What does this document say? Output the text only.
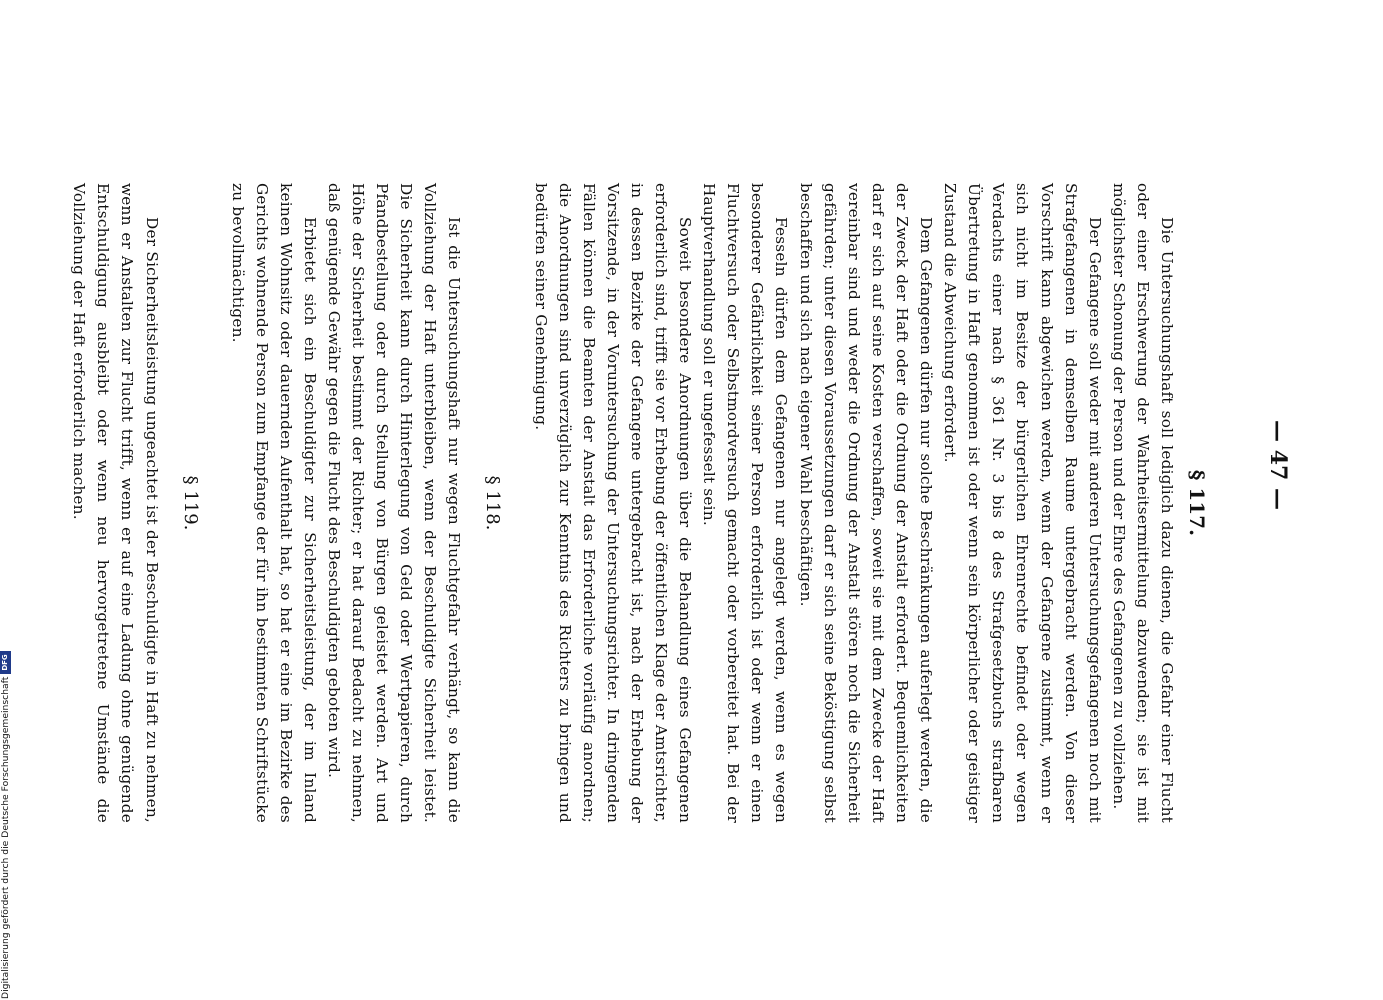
— 47 —
§ 117.

Die Untersuchungshaft soll lediglich dazu dienen, die Gefahr einer Flucht oder einer Erschwerung der Wahrheitsermittelung abzuwenden; sie ist mit möglichster Schonung der Person und der Ehre des Gefangenen zu vollziehen.

Der Gefangene soll weder mit anderen Untersuchungsgefangenen noch mit Strafgefangenen in demselben Raume untergebracht werden. Von dieser Vorschrift kann abgewichen werden, wenn der Gefangene zustimmt, wenn er sich nicht im Besitze der bürgerlichen Ehrenrechte befindet oder wegen Verdachts einer nach § 361 Nr. 3 bis 8 des Strafgesetzbuchs strafbaren Übertretung in Haft genommen ist oder wenn sein körperlicher oder geistiger Zustand die Abweichung erfordert.

Dem Gefangenen dürfen nur solche Beschränkungen auferlegt werden, die der Zweck der Haft oder die Ordnung der Anstalt erfordert. Bequemlichkeiten darf er sich auf seine Kosten verschaffen, soweit sie mit dem Zwecke der Haft vereinbar sind und weder die Ordnung der Anstalt stören noch die Sicherheit gefährden; unter diesen Voraussetzungen darf er sich seine Beköstigung selbst beschaffen und sich nach eigener Wahl beschäftigen.

Fesseln dürfen dem Gefangenen nur angelegt werden, wenn es wegen besonderer Gefährlichkeit seiner Person erforderlich ist oder wenn er einen Fluchtversuch oder Selbstmordversuch gemacht oder vorbereitet hat. Bei der Hauptverhandlung soll er ungefesselt sein.

Soweit besondere Anordnungen über die Behandlung eines Gefangenen erforderlich sind, trifft sie vor Erhebung der öffentlichen Klage der Amtsrichter, in dessen Bezirke der Gefangene untergebracht ist, nach der Erhebung der Vorsitzende, in der Voruntersuchung der Untersuchungsrichter. In dringenden Fällen können die Beamten der Anstalt das Erforderliche vorläufig anordnen; die Anordnungen sind unverzüglich zur Kenntnis des Richters zu bringen und bedürfen seiner Genehmigung.

§ 118.

Ist die Untersuchungshaft nur wegen Fluchtgefahr verhängt, so kann die Vollziehung der Haft unterbleiben, wenn der Beschuldigte Sicherheit leistet. Die Sicherheit kann durch Hinterlegung von Geld oder Wertpapieren, durch Pfandbestellung oder durch Stellung von Bürgen geleistet werden. Art und Höhe der Sicherheit bestimmt der Richter; er hat darauf Bedacht zu nehmen, daß genügende Gewähr gegen die Flucht des Beschuldigten geboten wird.

Erbietet sich ein Beschuldigter zur Sicherheitsleistung, der im Inland keinen Wohnsitz oder dauernden Aufenthalt hat, so hat er eine im Bezirke des Gerichts wohnende Person zum Empfange der für ihn bestimmten Schriftstücke zu bevollmächtigen.

§ 119.

Der Sicherheitsleistung ungeachtet ist der Beschuldigte in Haft zu nehmen, wenn er Anstalten zur Flucht trifft, wenn er auf eine Ladung ohne genügende Entschuldigung ausbleibt oder wenn neu hervorgetretene Umstände die Vollziehung der Haft erforderlich machen.

Digitalisierung gefördert durch die Deutsche Forschungsgemeinschaft
DFG
